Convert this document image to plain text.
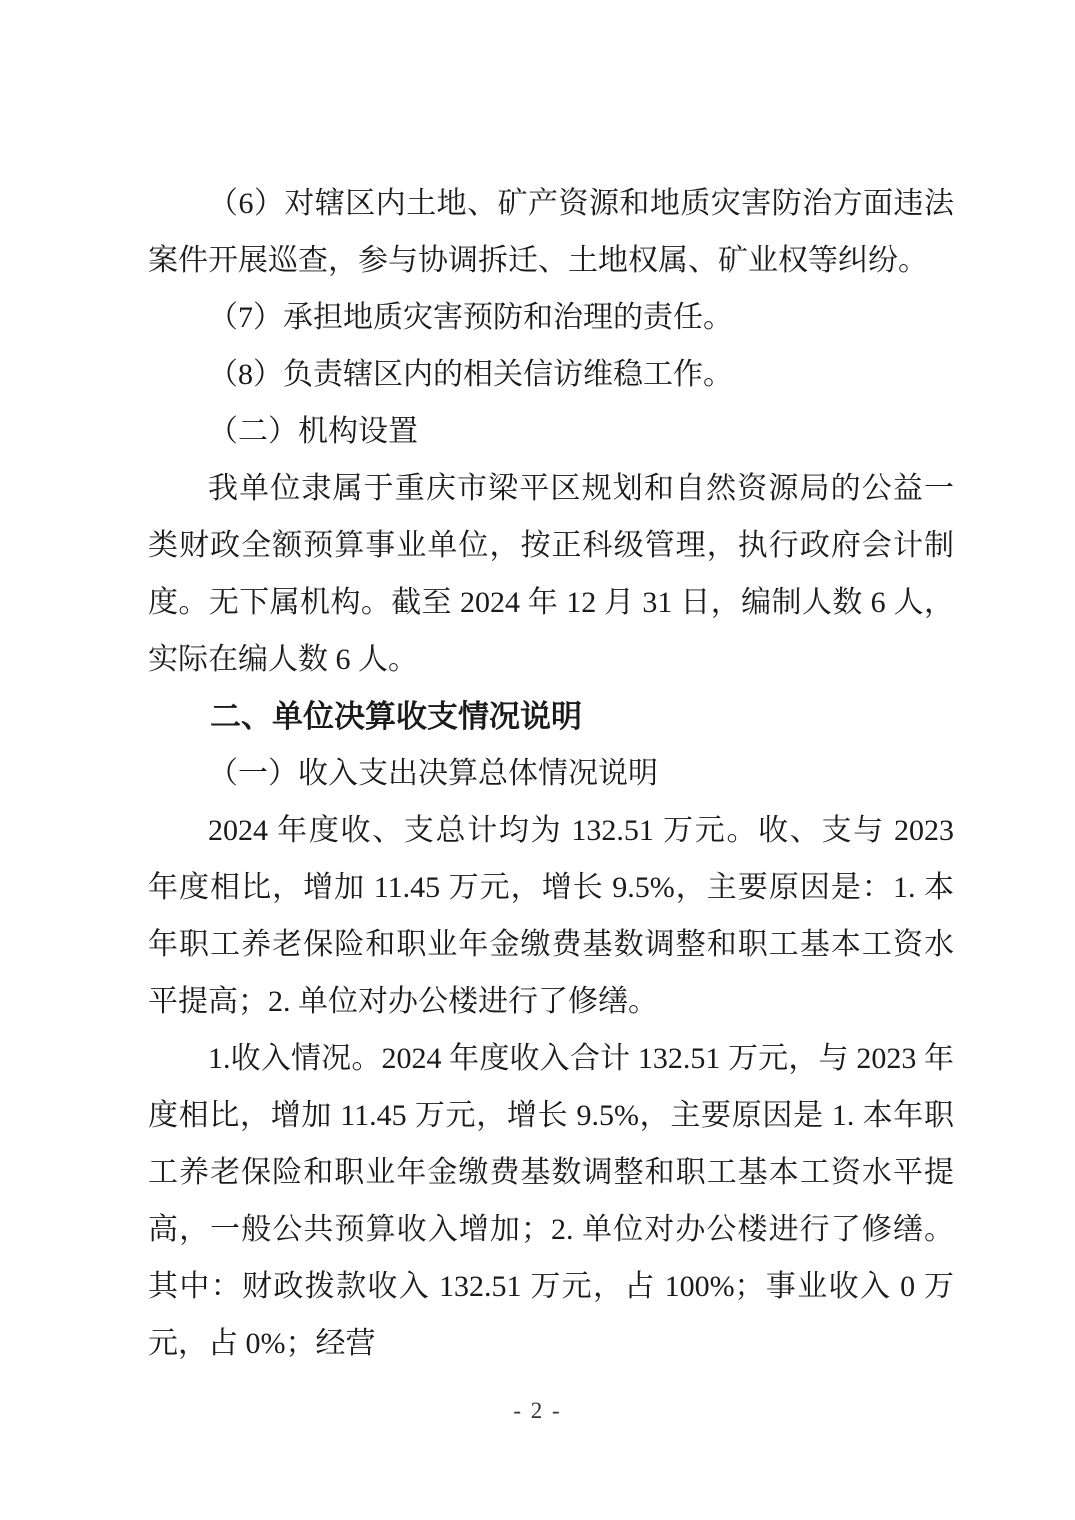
（6）对辖区内土地、矿产资源和地质灾害防治方面违法案件开展巡查，参与协调拆迁、土地权属、矿业权等纠纷。

（7）承担地质灾害预防和治理的责任。

（8）负责辖区内的相关信访维稳工作。

（二）机构设置

我单位隶属于重庆市梁平区规划和自然资源局的公益一类财政全额预算事业单位，按正科级管理，执行政府会计制度。无下属机构。截至 2024 年 12 月 31 日，编制人数 6 人，实际在编人数 6 人。

二、单位决算收支情况说明

（一）收入支出决算总体情况说明

2024 年度收、支总计均为 132.51 万元。收、支与 2023 年度相比，增加 11.45 万元，增长 9.5%，主要原因是：1. 本年职工养老保险和职业年金缴费基数调整和职工基本工资水平提高；2. 单位对办公楼进行了修缮。

1.收入情况。2024 年度收入合计 132.51 万元，与 2023 年度相比，增加 11.45 万元，增长 9.5%，主要原因是 1. 本年职工养老保险和职业年金缴费基数调整和职工基本工资水平提高，一般公共预算收入增加；2. 单位对办公楼进行了修缮。其中：财政拨款收入 132.51 万元，占 100%；事业收入 0 万元，占 0%；经营

- 2 -
